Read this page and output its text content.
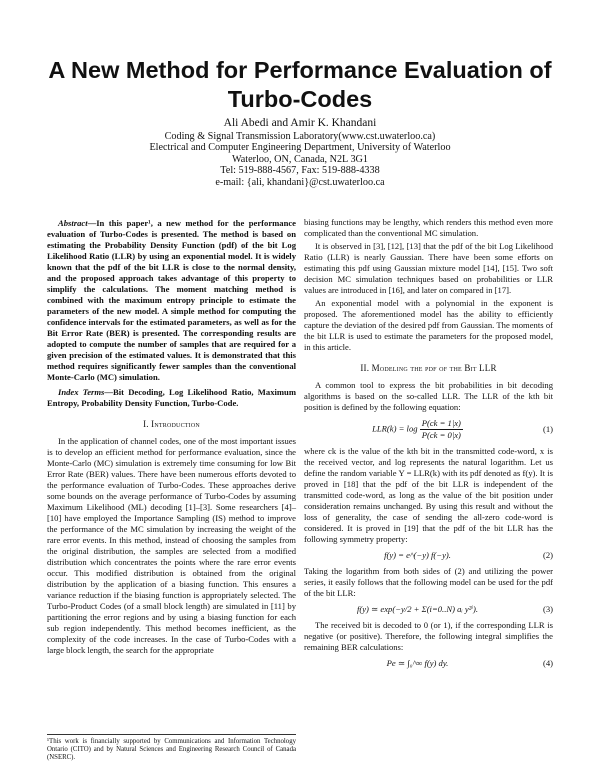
A New Method for Performance Evaluation of Turbo-Codes
Ali Abedi and Amir K. Khandani
Coding & Signal Transmission Laboratory(www.cst.uwaterloo.ca)
Electrical and Computer Engineering Department, University of Waterloo
Waterloo, ON, Canada, N2L 3G1
Tel: 519-888-4567, Fax: 519-888-4338
e-mail: {ali, khandani}@cst.uwaterloo.ca

Abstract—In this paper¹, a new method for the performance evaluation of Turbo-Codes is presented. The method is based on estimating the Probability Density Function (pdf) of the bit Log Likelihood Ratio (LLR) by using an exponential model. It is widely known that the pdf of the bit LLR is close to the normal density, and the proposed approach takes advantage of this property to simplify the calculations. The moment matching method is combined with the maximum entropy principle to estimate the parameters of the new model. A simple method for computing the confidence intervals for the estimated parameters, as well as for the Bit Error Rate (BER) is presented. The corresponding results are adopted to compute the number of samples that are required for a given precision of the estimated values. It is demonstrated that this method requires significantly fewer samples than the conventional Monte-Carlo (MC) simulation.

Index Terms—Bit Decoding, Log Likelihood Ratio, Maximum Entropy, Probability Density Function, Turbo-Code.

I. Introduction

In the application of channel codes, one of the most important issues is to develop an efficient method for performance evaluation, since the Monte-Carlo (MC) simulation is extremely time consuming for low Bit Error Rate (BER) values. There have been numerous efforts devoted to the performance evaluation of Turbo-Codes. These approaches derive some bounds on the average performance of Turbo-Codes by assuming Maximum Likelihood (ML) decoding [1]–[3]. Some researchers [4]–[10] have employed the Importance Sampling (IS) method to improve the performance of the MC simulation by increasing the weight of the rare error events. In this method, instead of choosing the samples from the original distribution, the samples are selected from a modified distribution which concentrates the points where the rare error events occur. This modified distribution is obtained from the original distribution by the application of a biasing function. This ensures a variance reduction if the biasing function is appropriately selected. The Turbo-Product Codes (of a small block length) are simulated in [11] by partitioning the error regions and by using a biasing function for each sub region independently. This method becomes inefficient, as the complexity of the code increases. In the case of Turbo-Codes with a large block length, the search for the appropriate

¹This work is financially supported by Communications and Information Technology Ontario (CITO) and by Natural Sciences and Engineering Research Council of Canada (NSERC).

biasing functions may be lengthy, which renders this method even more complicated than the conventional MC simulation.

It is observed in [3], [12], [13] that the pdf of the bit Log Likelihood Ratio (LLR) is nearly Gaussian. There have been some efforts on estimating this pdf using Gaussian mixture model [14], [15]. Two soft decision MC simulation techniques based on probabilities or LLR values are introduced in [16], and later on compared in [17].

An exponential model with a polynomial in the exponent is proposed. The aforementioned model has the ability to efficiently capture the deviation of the desired pdf from Gaussian. The moments of the bit LLR is used to estimate the parameters for the proposed model, in this article.

II. Modeling the pdf of the Bit LLR

A common tool to express the bit probabilities in bit decoding algorithms is based on the so-called LLR. The LLR of the kth bit position is defined by the following equation:

$LLR(k) = \log \frac{P(ck = 1|x)}{P(ck = 0|x)}$	(1)

where ck is the value of the kth bit in the transmitted code-word, x is the received vector, and log represents the natural logarithm. Let us define the random variable Y = LLR(k) with its pdf denoted as f(y). It is proved in [18] that the pdf of the bit LLR is independent of the transmitted code-word, as long as the value of the bit position under consideration remains unchanged. By using this result and without the loss of generality, the case of sending the all-zero code-word is considered. It is proved in [19] that the pdf of the bit LLR has the following symmetry property:

f(y) = e^(−y) f(−y).	(2)

Taking the logarithm from both sides of (2) and utilizing the power series, it easily follows that the following model can be used for the pdf of the bit LLR:

f(y) ≃ exp(−y/2 + Σ(i=0..N) aᵢ y²ⁱ).	(3)

The received bit is decoded to 0 (or 1), if the corresponding LLR is negative (or positive). Therefore, the following integral simplifies the remaining BER calculations:

Pe ≃ ∫₀^∞ f(y) dy.	(4)
